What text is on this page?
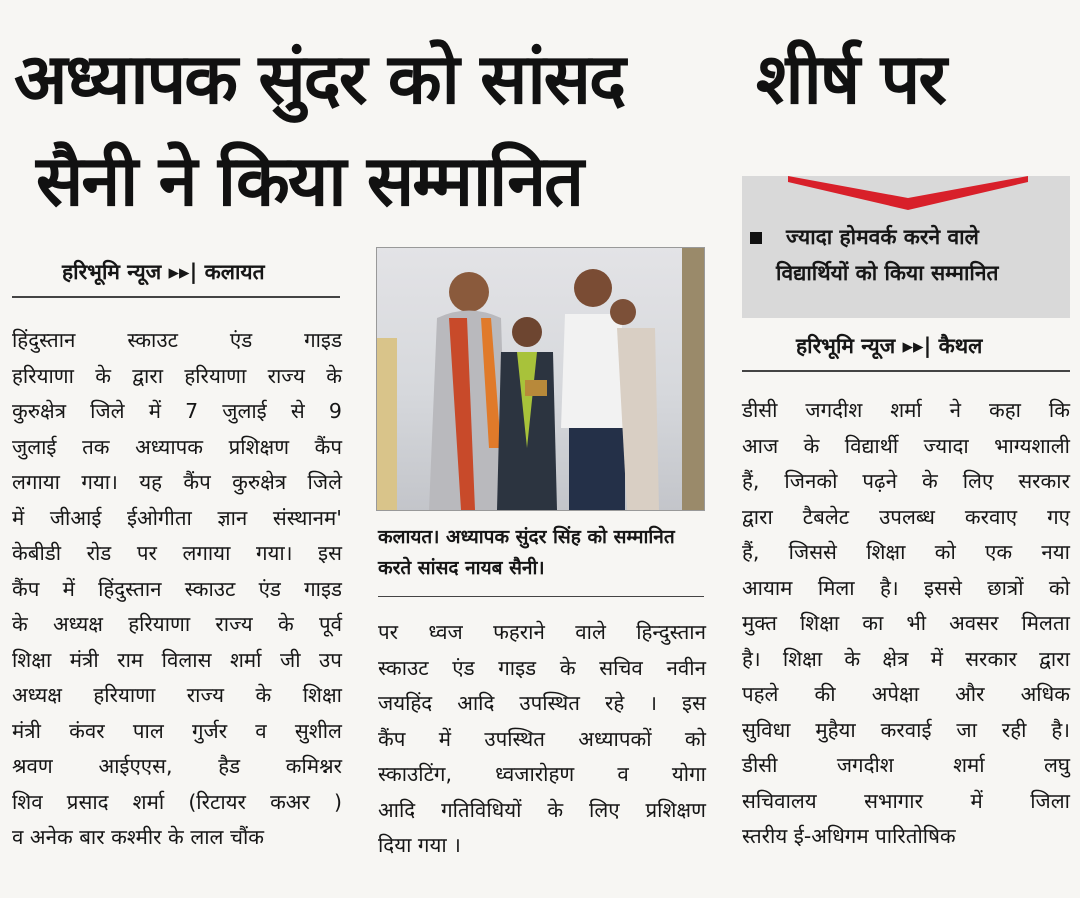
अध्यापक सुंदर को सांसद
सैनी ने किया सम्मानित
शीर्ष पर
हरिभूमि न्यूज ▸▸| कलायत

हिंदुस्तान	स्काउट	एंड	गाइड

हरियाणा के द्वारा हरियाणा राज्य के

कुरुक्षेत्र जिले में 7 जुलाई से 9

जुलाई तक अध्यापक प्रशिक्षण कैंप

लगाया गया। यह कैंप कुरुक्षेत्र जिले

में जीआई ईओगीता ज्ञान संस्थानम'

केबीडी रोड पर लगाया गया। इस

कैंप में हिंदुस्तान स्काउट एंड गाइड

के अध्यक्ष हरियाणा राज्य के पूर्व

शिक्षा मंत्री राम विलास शर्मा जी उप

अध्यक्ष हरियाणा राज्य के शिक्षा

मंत्री कंवर पाल गुर्जर व सुशील

श्रवण आईएएस, हैड कमिश्नर

शिव प्रसाद शर्मा (रिटायर कअर )

व अनेक बार कश्मीर के लाल चौंक

कलायत। अध्यापक सुंदर सिंह को सम्मानित
करते सांसद नायब सैनी।

पर ध्वज फहराने वाले हिन्दुस्तान

स्काउट एंड गाइड के सचिव नवीन

जयहिंद आदि उपस्थित रहे । इस

कैंप में उपस्थित अध्यापकों को

स्काउटिंग, ध्वजारोहण व योगा

आदि गतिविधियों के लिए प्रशिक्षण

दिया गया ।

ज्यादा होमवर्क करने वाले
विद्यार्थियों को किया सम्मानित
हरिभूमि न्यूज ▸▸| कैथल

डीसी जगदीश शर्मा ने कहा कि

आज के विद्यार्थी ज्यादा भाग्यशाली

हैं, जिनको पढ़ने के लिए सरकार

द्वारा टैबलेट उपलब्ध करवाए गए

हैं, जिससे शिक्षा को एक नया

आयाम मिला है। इससे छात्रों को

मुक्त शिक्षा का भी अवसर मिलता

है। शिक्षा के क्षेत्र में सरकार द्वारा

पहले की अपेक्षा और अधिक

सुविधा मुहैया करवाई जा रही है।

डीसी	जगदीश	शर्मा	लघु

सचिवालय सभागार में जिला

स्तरीय ई-अधिगम पारितोषिक
